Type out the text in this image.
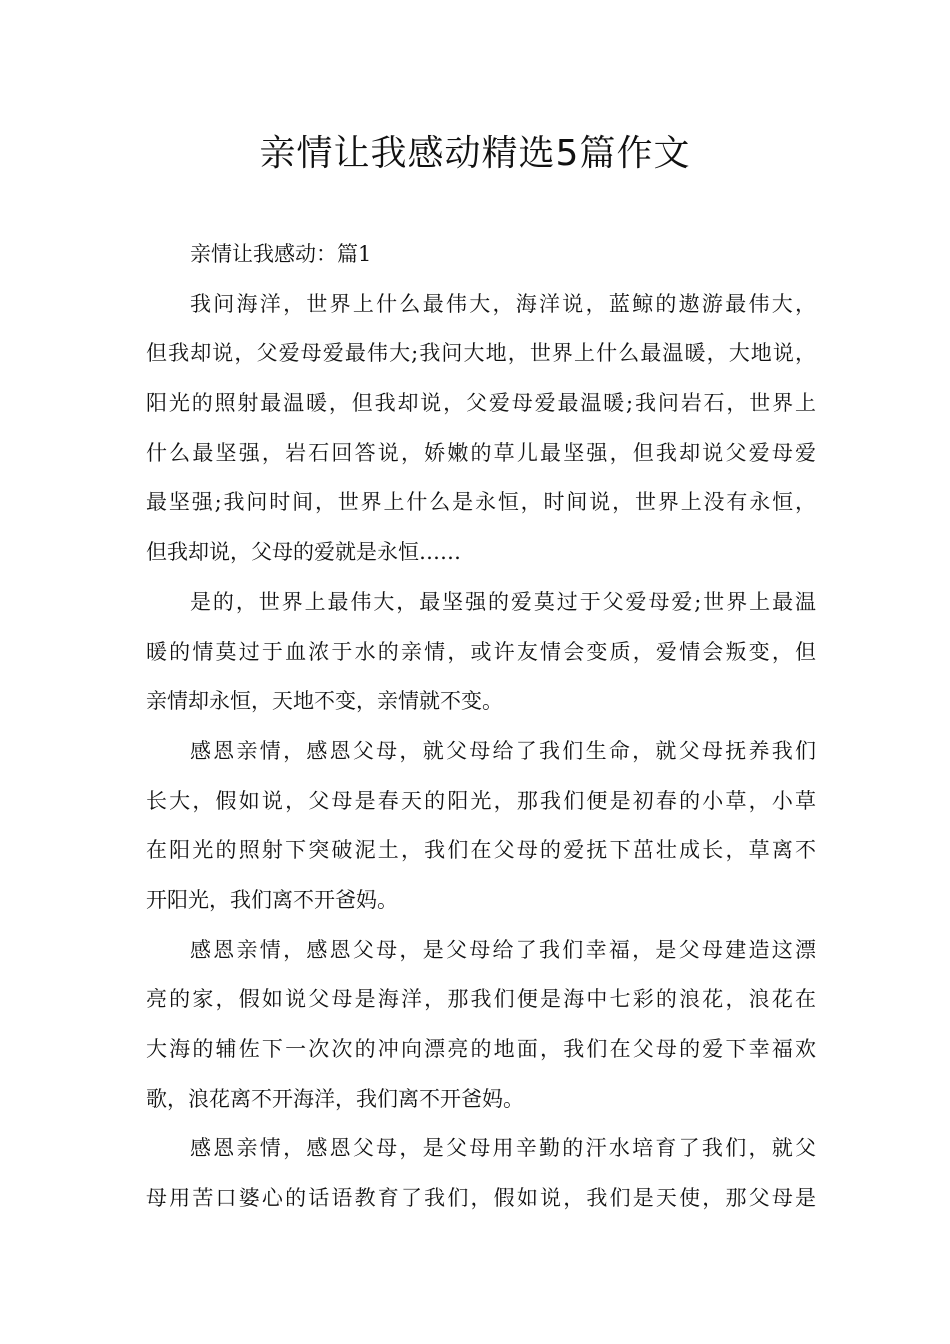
亲情让我感动精选5篇作文
亲情让我感动：篇1
我问海洋，世界上什么最伟大，海洋说，蓝鲸的遨游最伟大，
但我却说，父爱母爱最伟大;我问大地，世界上什么最温暖，大地说，
阳光的照射最温暖，但我却说，父爱母爱最温暖;我问岩石，世界上
什么最坚强，岩石回答说，娇嫩的草儿最坚强，但我却说父爱母爱
最坚强;我问时间，世界上什么是永恒，时间说，世界上没有永恒，
但我却说，父母的爱就是永恒……
是的，世界上最伟大，最坚强的爱莫过于父爱母爱;世界上最温
暖的情莫过于血浓于水的亲情，或许友情会变质，爱情会叛变，但
亲情却永恒，天地不变，亲情就不变。
感恩亲情，感恩父母，就父母给了我们生命，就父母抚养我们
长大，假如说，父母是春天的阳光，那我们便是初春的小草，小草
在阳光的照射下突破泥土，我们在父母的爱抚下茁壮成长，草离不
开阳光，我们离不开爸妈。
感恩亲情，感恩父母，是父母给了我们幸福，是父母建造这漂
亮的家，假如说父母是海洋，那我们便是海中七彩的浪花，浪花在
大海的辅佐下一次次的冲向漂亮的地面，我们在父母的爱下幸福欢
歌，浪花离不开海洋，我们离不开爸妈。
感恩亲情，感恩父母，是父母用辛勤的汗水培育了我们，就父
母用苦口婆心的话语教育了我们，假如说，我们是天使，那父母是
